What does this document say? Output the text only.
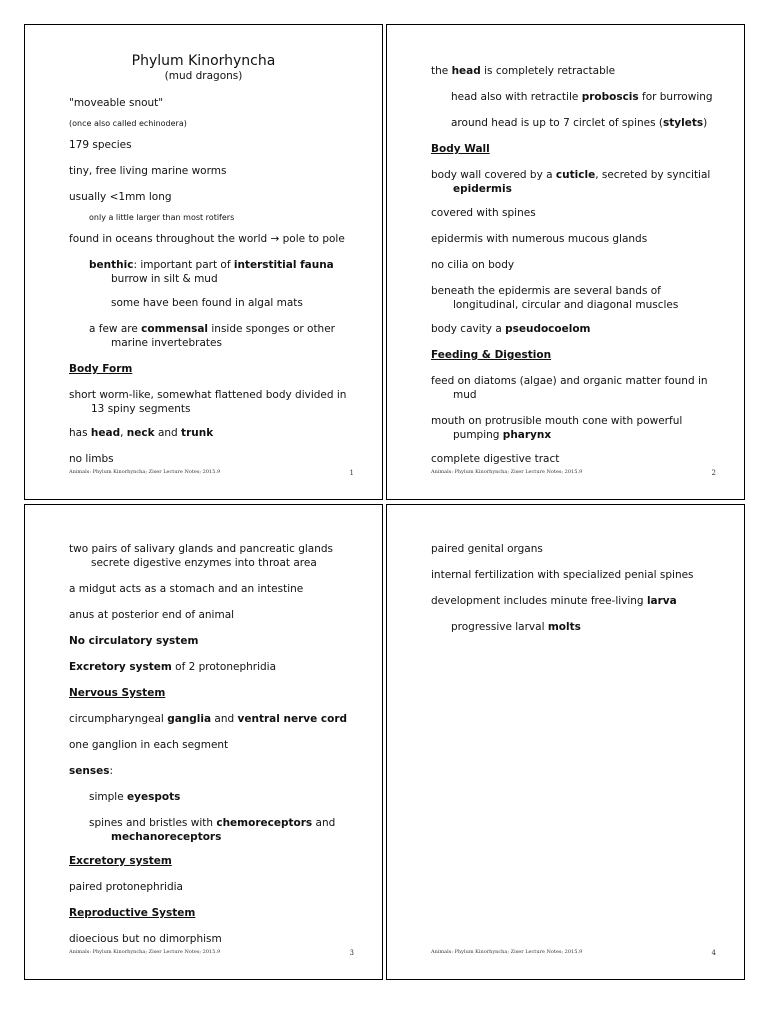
Phylum Kinorhyncha
(mud dragons)
"moveable snout"
(once also called echinodera)
179 species
tiny, free living marine worms
usually <1mm long
only a little larger than most rotifers
found in oceans throughout the world → pole to pole
benthic: important part of interstitial fauna
burrow in silt & mud
some have been found in algal mats
a few are commensal inside sponges or other
marine invertebrates
Body Form
short worm-like, somewhat flattened body divided in
13 spiny segments
has head, neck and trunk
no limbs
Animals: Phylum Kinorhyncha; Ziser Lecture Notes; 2015.9	1
the head is completely retractable
head also with retractile proboscis for burrowing
around head is up to 7 circlet of spines (stylets)
Body Wall
body wall covered by a cuticle, secreted by syncitial
epidermis
covered with spines
epidermis with numerous mucous glands
no cilia on body
beneath the epidermis are several bands of
longitudinal, circular and diagonal muscles
body cavity a pseudocoelom
Feeding & Digestion
feed on diatoms (algae) and organic matter found in
mud
mouth on protrusible mouth cone with powerful
pumping pharynx
complete digestive tract
Animals: Phylum Kinorhyncha; Ziser Lecture Notes; 2015.9	2
two pairs of salivary glands and pancreatic glands
secrete digestive enzymes into throat area
a midgut acts as a stomach and an intestine
anus at posterior end of animal
No circulatory system
Excretory system of 2 protonephridia
Nervous System
circumpharyngeal ganglia and ventral nerve cord
one ganglion in each segment
senses:
simple eyespots
spines and bristles with chemoreceptors and
mechanoreceptors
Excretory system
paired protonephridia
Reproductive System
dioecious but no dimorphism
Animals: Phylum Kinorhyncha; Ziser Lecture Notes; 2015.9	3
paired genital organs
internal fertilization with specialized penial spines
development includes minute free-living larva
progressive larval molts
Animals: Phylum Kinorhyncha; Ziser Lecture Notes; 2015.9	4
